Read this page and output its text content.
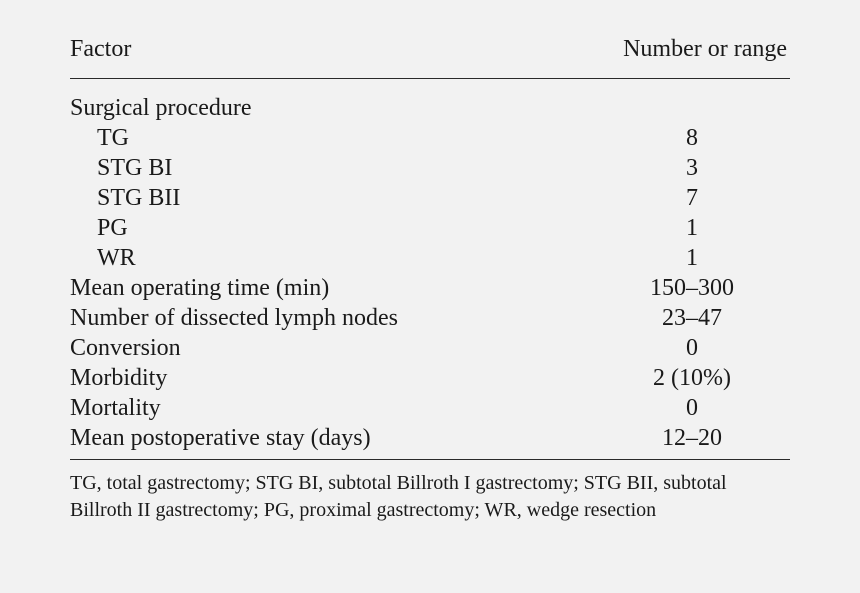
Factor	Number or range
Surgical procedure
TG	8
STG BI	3
STG BII	7
PG	1
WR	1
Mean operating time (min)	150–300
Number of dissected lymph nodes	23–47
Conversion	0
Morbidity	2 (10%)
Mortality	0
Mean postoperative stay (days)	12–20
TG, total gastrectomy; STG BI, subtotal Billroth I gastrectomy; STG BII, subtotal Billroth II gastrectomy; PG, proximal gastrectomy; WR, wedge resection
